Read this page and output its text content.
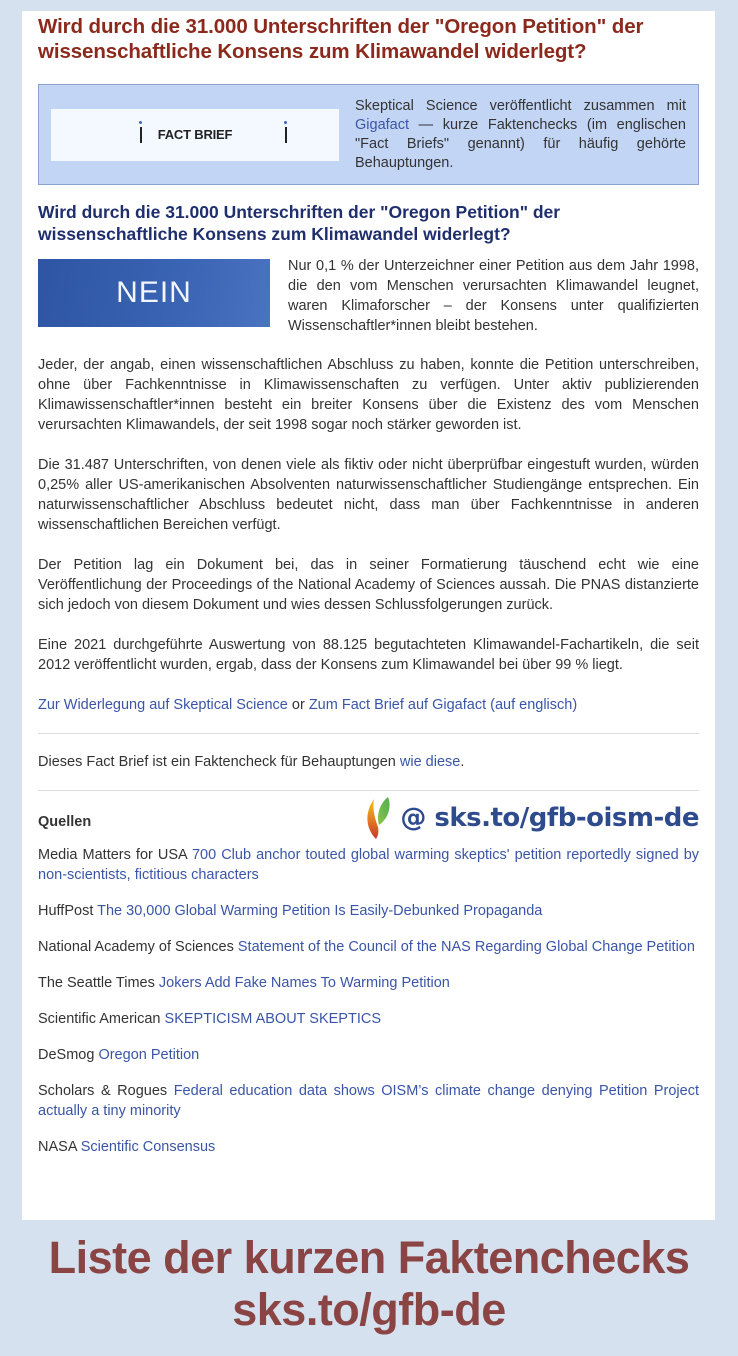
Wird durch die 31.000 Unterschriften der "Oregon Petition" der wissenschaftliche Konsens zum Klimawandel widerlegt?
FACT BRIEF
Skeptical Science veröffentlicht zusammen mit Gigafact — kurze Faktenchecks (im englischen "Fact Briefs" genannt) für häufig gehörte Behauptungen.
Wird durch die 31.000 Unterschriften der "Oregon Petition" der wissenschaftliche Konsens zum Klimawandel widerlegt?
NEIN
Nur 0,1 % der Unterzeichner einer Petition aus dem Jahr 1998, die den vom Menschen verursachten Klimawandel leugnet, waren Klimaforscher – der Konsens unter qualifizierten Wissenschaftler*innen bleibt bestehen.

Jeder, der angab, einen wissenschaftlichen Abschluss zu haben, konnte die Petition unterschreiben, ohne über Fachkenntnisse in Klimawissenschaften zu verfügen. Unter aktiv publizierenden Klimawissenschaftler*innen besteht ein breiter Konsens über die Existenz des vom Menschen verursachten Klimawandels, der seit 1998 sogar noch stärker geworden ist.

Die 31.487 Unterschriften, von denen viele als fiktiv oder nicht überprüfbar eingestuft wurden, würden 0,25% aller US-amerikanischen Absolventen naturwissenschaftlicher Studiengänge entsprechen. Ein naturwissenschaftlicher Abschluss bedeutet nicht, dass man über Fachkenntnisse in anderen wissenschaftlichen Bereichen verfügt.

Der Petition lag ein Dokument bei, das in seiner Formatierung täuschend echt wie eine Veröffentlichung der Proceedings of the National Academy of Sciences aussah. Die PNAS distanzierte sich jedoch von diesem Dokument und wies dessen Schlussfolgerungen zurück.

Eine 2021 durchgeführte Auswertung von 88.125 begutachteten Klimawandel-Fachartikeln, die seit 2012 veröffentlicht wurden, ergab, dass der Konsens zum Klimawandel bei über 99 % liegt.

Zur Widerlegung auf Skeptical Science or Zum Fact Brief auf Gigafact (auf englisch)
Dieses Fact Brief ist ein Faktencheck für Behauptungen wie diese.
Quellen	@ sks.to/gfb-oism-de
Media Matters for USA 700 Club anchor touted global warming skeptics' petition reportedly signed by non-scientists, fictitious characters
HuffPost The 30,000 Global Warming Petition Is Easily-Debunked Propaganda
National Academy of Sciences Statement of the Council of the NAS Regarding Global Change Petition
The Seattle Times Jokers Add Fake Names To Warming Petition
Scientific American SKEPTICISM ABOUT SKEPTICS
DeSmog Oregon Petition
Scholars & Rogues Federal education data shows OISM’s climate change denying Petition Project actually a tiny minority
NASA Scientific Consensus
Liste der kurzen Faktenchecks
sks.to/gfb-de
